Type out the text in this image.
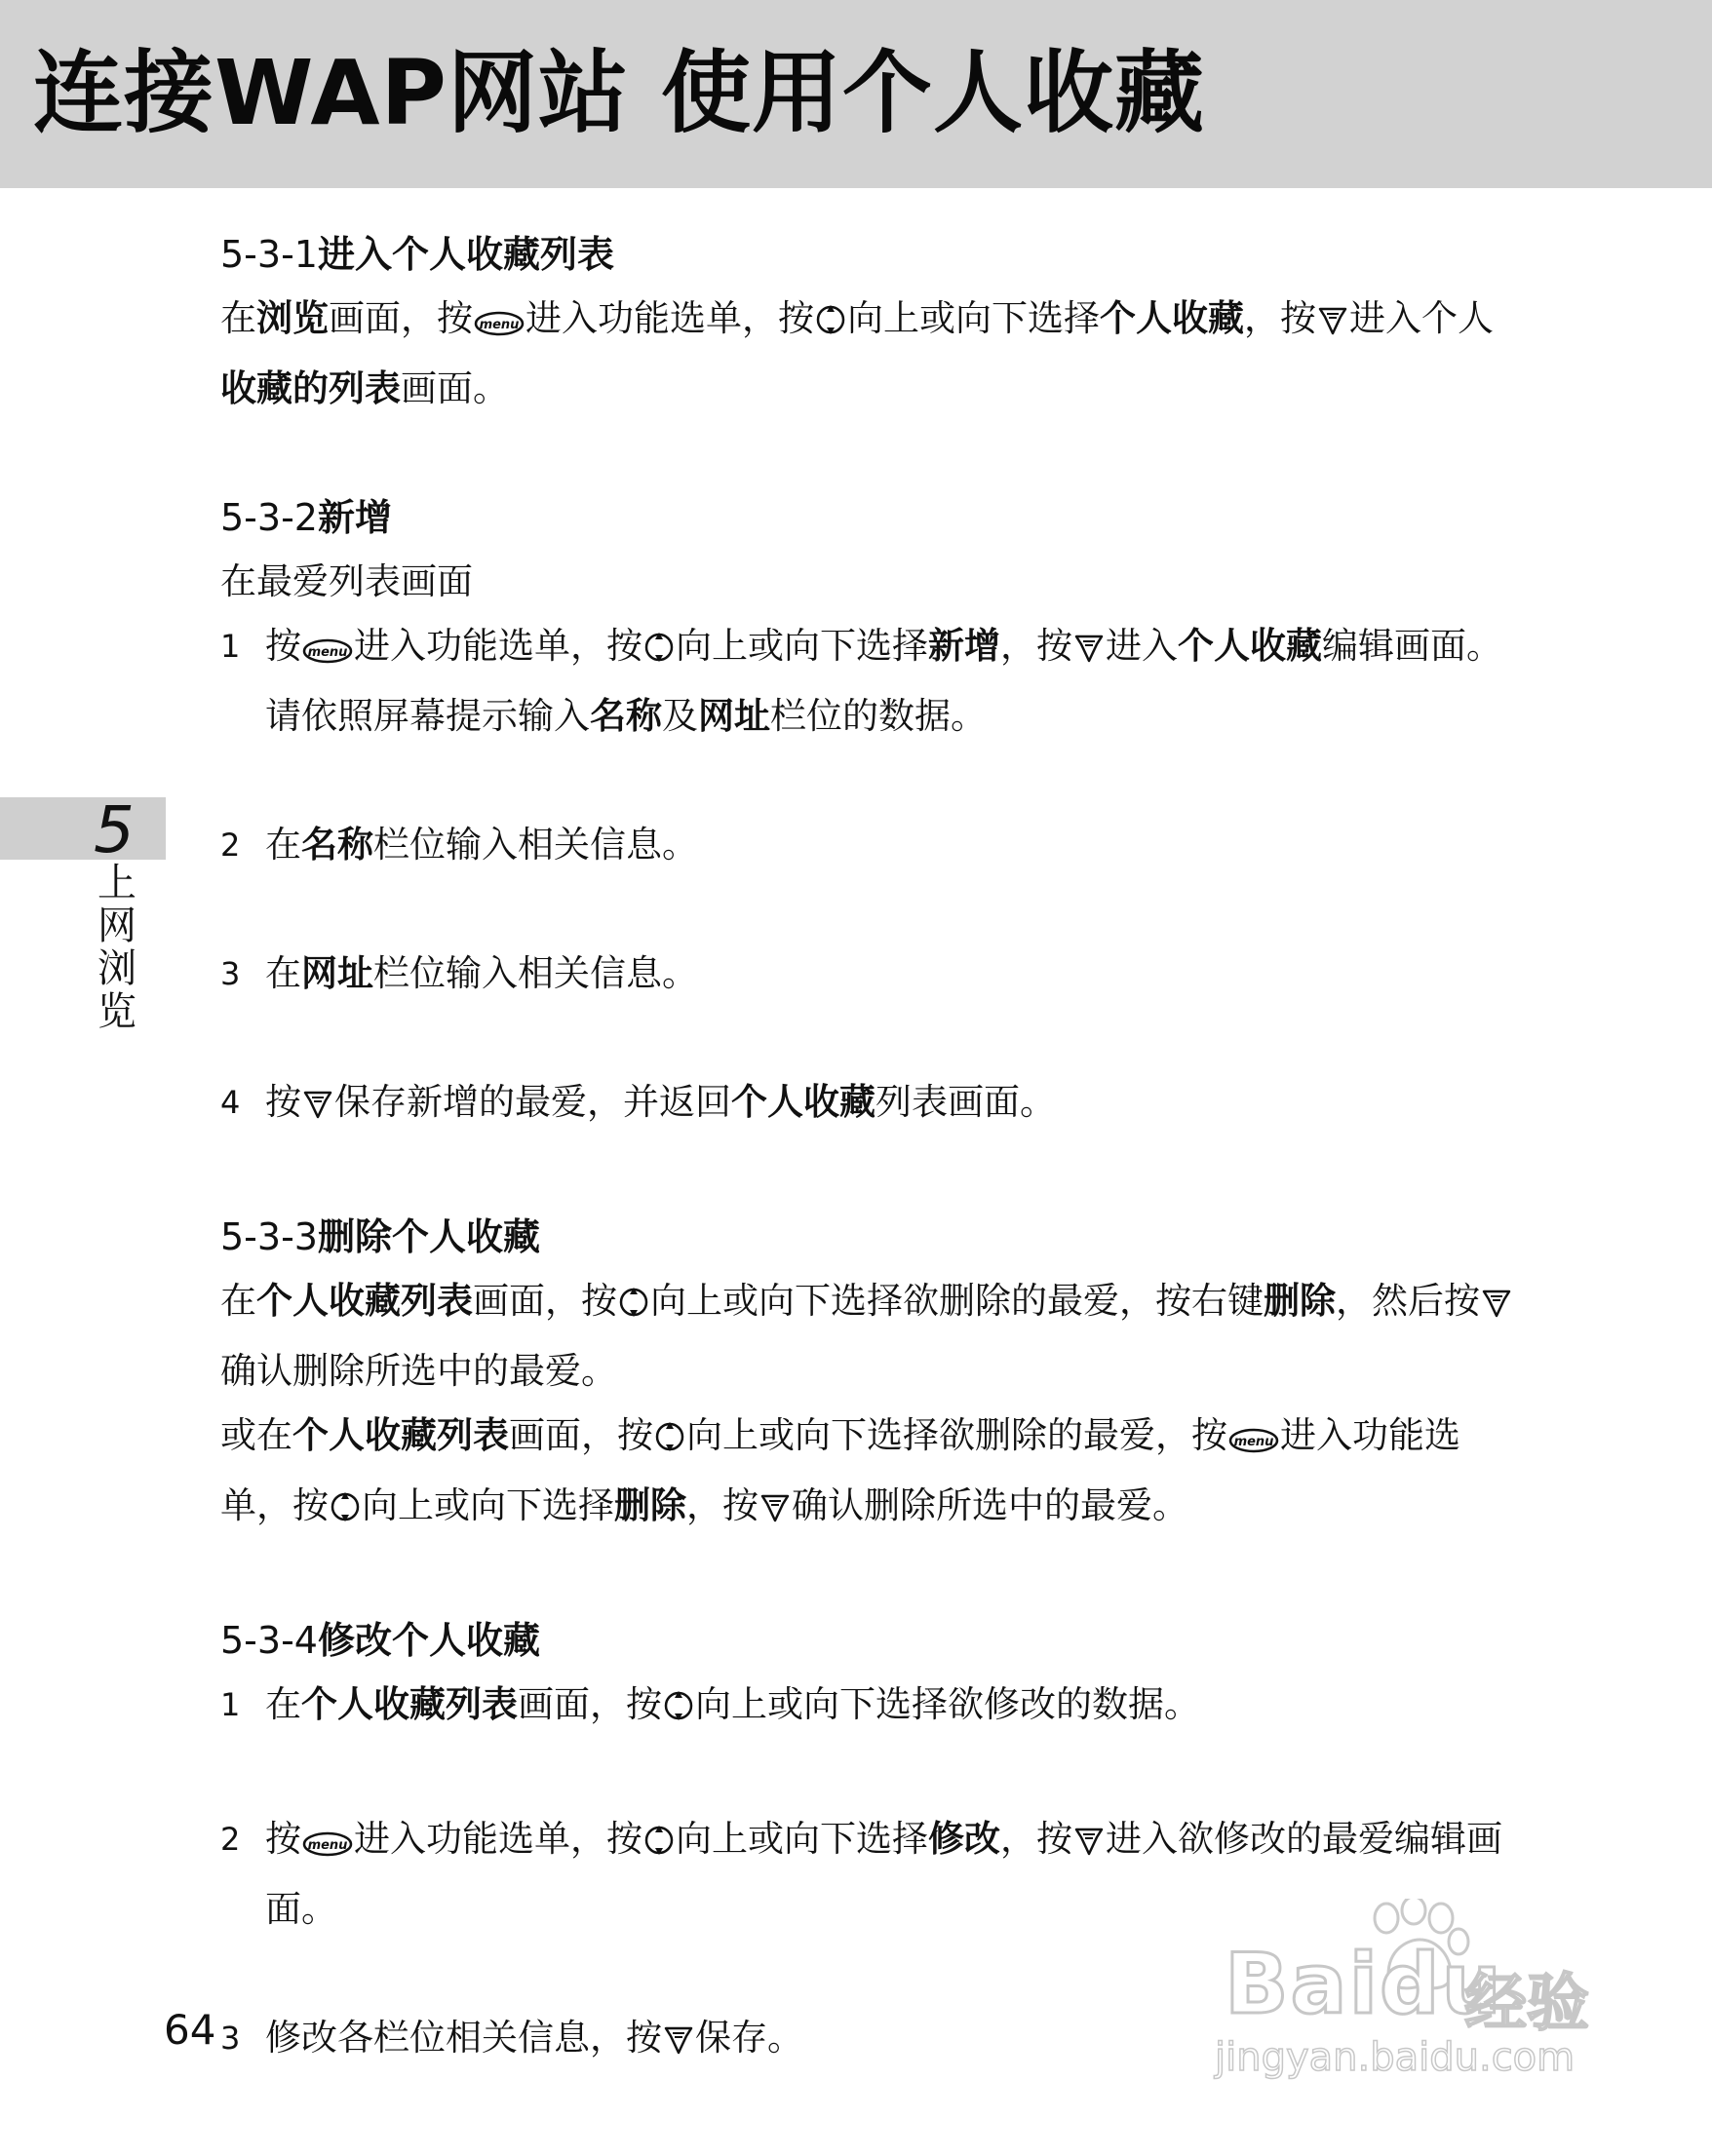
连接WAP网站 使用个人收藏
5
上
网
浏
览
5-3-1进入个人收藏列表

在浏览画面，按 menu 进入功能选单，按 向上或向下选择个人收藏，按 进入个人收藏的列表画面。

5-3-2新增

在最爱列表画面

1 按 menu 进入功能选单，按 向上或向下选择新增，按 进入个人收藏编辑画面。请依照屏幕提示输入名称及网址栏位的数据。

2 在名称栏位输入相关信息。

3 在网址栏位输入相关信息。

4 按 保存新增的最爱，并返回个人收藏列表画面。

5-3-3删除个人收藏

在个人收藏列表画面，按 向上或向下选择欲删除的最爱，按右键删除，然后按确认删除所选中的最爱。

或在个人收藏列表画面，按 向上或向下选择欲删除的最爱，按 menu 进入功能选单，按 向上或向下选择删除，按 确认删除所选中的最爱。

5-3-4修改个人收藏

1 在个人收藏列表画面，按 向上或向下选择欲修改的数据。

2 按 menu 进入功能选单，按 向上或向下选择修改，按 进入欲修改的最爱编辑画面。

3 修改各栏位相关信息，按 保存。

64	Baidu
经验
jingyan.baidu.com
